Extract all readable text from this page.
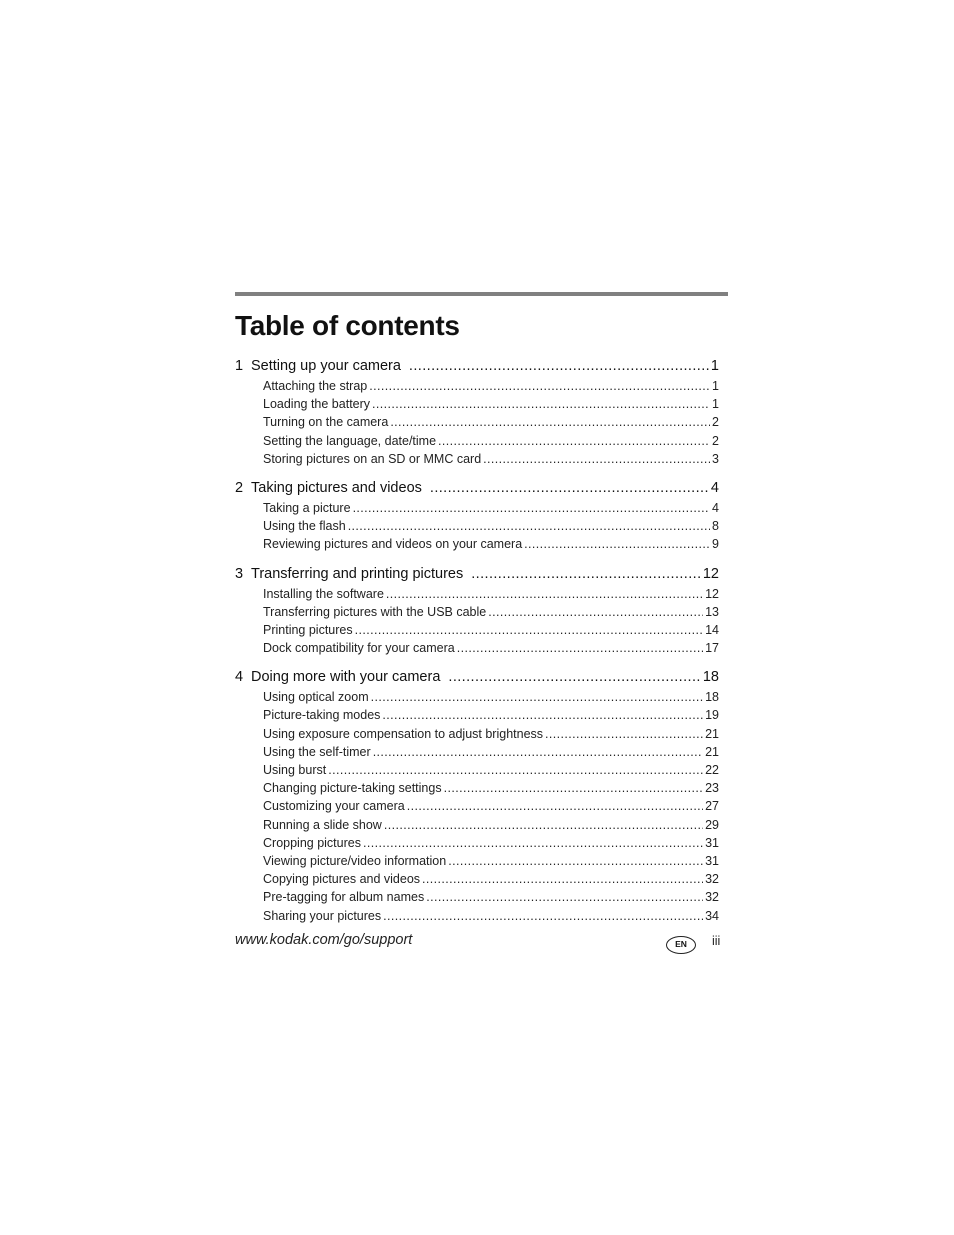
Table of contents
1 Setting up your camera .....	1
Attaching the strap .....	1
Loading the battery .....	1
Turning on the camera .....	2
Setting the language, date/time .....	2
Storing pictures on an SD or MMC card .....	3
2 Taking pictures and videos .....	4
Taking a picture .....	4
Using the flash .....	8
Reviewing pictures and videos on your camera .....	9
3 Transferring and printing pictures .....	12
Installing the software .....	12
Transferring pictures with the USB cable .....	13
Printing pictures .....	14
Dock compatibility for your camera .....	17
4 Doing more with your camera .....	18
Using optical zoom .....	18
Picture-taking modes .....	19
Using exposure compensation to adjust brightness .....	21
Using the self-timer .....	21
Using burst .....	22
Changing picture-taking settings .....	23
Customizing your camera .....	27
Running a slide show .....	29
Cropping pictures .....	31
Viewing picture/video information .....	31
Copying pictures and videos .....	32
Pre-tagging for album names .....	32
Sharing your pictures .....	34
www.kodak.com/go/support	EN	iii
